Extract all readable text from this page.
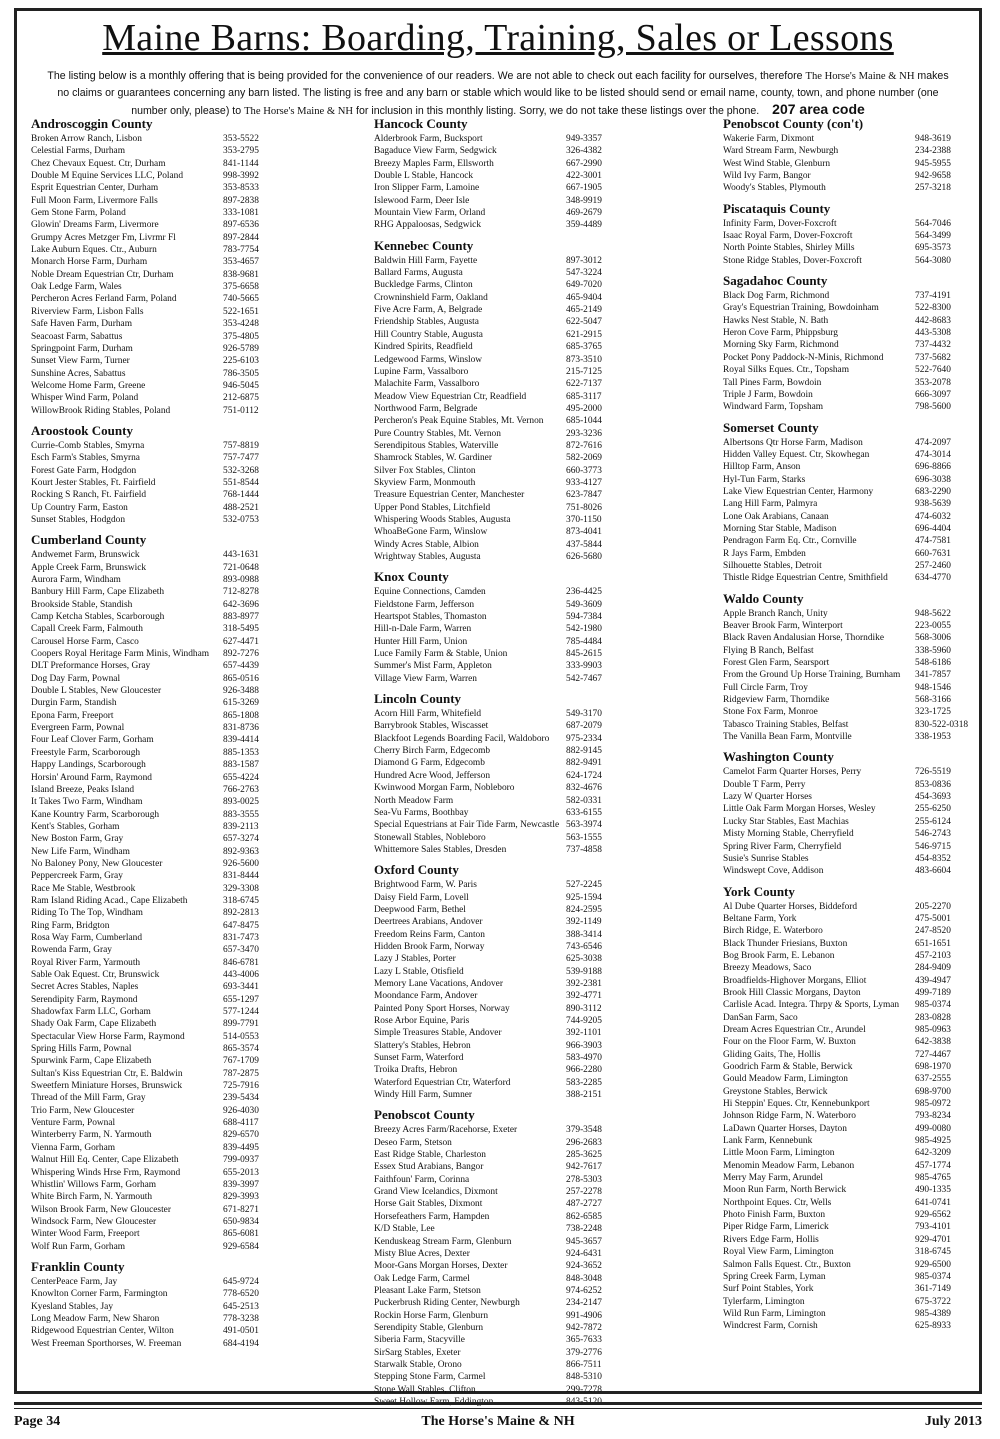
Maine Barns: Boarding, Training, Sales or Lessons
The listing below is a monthly offering that is being provided for the convenience of our readers. We are not able to check out each facility for ourselves, therefore The Horse's Maine & NH makes no claims or guarantees concerning any barn listed. The listing is free and any barn or stable which would like to be listed should send or email name, county, town, and phone number (one number only, please) to The Horse's Maine & NH for inclusion in this monthly listing. Sorry, we do not take these listings over the phone. 207 area code
Androscoggin County
Broken Arrow Ranch, Lisbon	353-5522
Celestial Farms, Durham	353-2795
Chez Chevaux Equest. Ctr, Durham	841-1144
Double M Equine Services LLC, Poland	998-3992
Esprit Equestrian Center, Durham	353-8533
Full Moon Farm, Livermore Falls	897-2838
Gem Stone Farm, Poland	333-1081
Glowin' Dreams Farm, Livermore	897-6536
Grumpy Acres Metzger Fm, Livrmr Fl	897-2844
Lake Auburn Eques. Ctr., Auburn	783-7754
Monarch Horse Farm, Durham	353-4657
Noble Dream Equestrian Ctr, Durham	838-9681
Oak Ledge Farm, Wales	375-6658
Percheron Acres Ferland Farm, Poland	740-5665
Riverview Farm, Lisbon Falls	522-1651
Safe Haven Farm, Durham	353-4248
Seacoast Farm, Sabattus	375-4805
Springpoint Farm, Durham	926-5789
Sunset View Farm, Turner	225-6103
Sunshine Acres, Sabattus	786-3505
Welcome Home Farm, Greene	946-5045
Whisper Wind Farm, Poland	212-6875
WillowBrook Riding Stables, Poland	751-0112
Aroostook County
Currie-Comb Stables, Smyrna	757-8819
Esch Farm's Stables, Smyrna	757-7477
Forest Gate Farm, Hodgdon	532-3268
Kourt Jester Stables, Ft. Fairfield	551-8544
Rocking S Ranch, Ft. Fairfield	768-1444
Up Country Farm, Easton	488-2521
Sunset Stables, Hodgdon	532-0753
Cumberland County
Andwemet Farm, Brunswick	443-1631
Apple Creek Farm, Brunswick	721-0648
Aurora Farm, Windham	893-0988
Banbury Hill Farm, Cape Elizabeth	712-8278
Brookside Stable, Standish	642-3696
Camp Ketcha Stables, Scarborough	883-8977
Capall Creek Farm, Falmouth	318-5495
Carousel Horse Farm, Casco	627-4471
Coopers Royal Heritage Farm Minis, Windham	892-7276
DLT Preformance Horses, Gray	657-4439
Dog Day Farm, Pownal	865-0516
Double L Stables, New Gloucester	926-3488
Durgin Farm, Standish	615-3269
Epona Farm, Freeport	865-1808
Evergreen Farm, Pownal	831-8736
Four Leaf Clover Farm, Gorham	839-4414
Freestyle Farm, Scarborough	885-1353
Happy Landings, Scarborough	883-1587
Horsin' Around Farm, Raymond	655-4224
Island Breeze, Peaks Island	766-2763
It Takes Two Farm, Windham	893-0025
Kane Kountry Farm, Scarborough	883-3555
Kent's Stables, Gorham	839-2113
New Boston Farm, Gray	657-3274
New Life Farm, Windham	892-9363
No Baloney Pony, New Gloucester	926-5600
Peppercreek Farm, Gray	831-8444
Race Me Stable, Westbrook	329-3308
Ram Island Riding Acad., Cape Elizabeth	318-6745
Riding To The Top, Windham	892-2813
Ring Farm, Bridgton	647-8475
Rosa Way Farm, Cumberland	831-7473
Rowenda Farm, Gray	657-3470
Royal River Farm, Yarmouth	846-6781
Sable Oak Equest. Ctr, Brunswick	443-4006
Secret Acres Stables, Naples	693-3441
Serendipity Farm, Raymond	655-1297
Shadowfax Farm LLC, Gorham	577-1244
Shady Oak Farm, Cape Elizabeth	899-7791
Spectacular View Horse Farm, Raymond	514-0553
Spring Hills Farm, Pownal	865-3574
Spurwink Farm, Cape Elizabeth	767-1709
Sultan's Kiss Equestrian Ctr, E. Baldwin	787-2875
Sweetfern Miniature Horses, Brunswick	725-7916
Thread of the Mill Farm, Gray	239-5434
Trio Farm, New Gloucester	926-4030
Venture Farm, Pownal	688-4117
Winterberry Farm, N. Yarmouth	829-6570
Vienna Farm, Gorham	839-4495
Walnut Hill Eq. Center, Cape Elizabeth	799-0937
Whispering Winds Hrse Frm, Raymond	655-2013
Whistlin' Willows Farm, Gorham	839-3997
White Birch Farm, N. Yarmouth	829-3993
Wilson Brook Farm, New Gloucester	671-8271
Windsock Farm, New Gloucester	650-9834
Winter Wood Farm, Freeport	865-6081
Wolf Run Farm, Gorham	929-6584
Franklin County
CenterPeace Farm, Jay	645-9724
Knowlton Corner Farm, Farmington	778-6520
Kyesland Stables, Jay	645-2513
Long Meadow Farm, New Sharon	778-3238
Ridgewood Equestrian Center, Wilton	491-0501
West Freeman Sporthorses, W. Freeman	684-4194
Hancock County
Alderbrook Farm, Bucksport	949-3357
Bagaduce View Farm, Sedgwick	326-4382
Breezy Maples Farm, Ellsworth	667-2990
Double L Stable, Hancock	422-3001
Iron Slipper Farm, Lamoine	667-1905
Islewood Farm, Deer Isle	348-9919
Mountain View Farm, Orland	469-2679
RHG Appaloosas, Sedgwick	359-4489
Kennebec County
Baldwin Hill Farm, Fayette	897-3012
Ballard Farms, Augusta	547-3224
Buckledge Farms, Clinton	649-7020
Crowninshield Farm, Oakland	465-9404
Five Acre Farm, A, Belgrade	465-2149
Friendship Stables, Augusta	622-5047
Hill Country Stable, Augusta	621-2915
Kindred Spirits, Readfield	685-3765
Ledgewood Farms, Winslow	873-3510
Lupine Farm, Vassalboro	215-7125
Malachite Farm, Vassalboro	622-7137
Meadow View Equestrian Ctr, Readfield	685-3117
Northwood Farm, Belgrade	495-2000
Percheron's Peak Equine Stables, Mt. Vernon	685-1044
Pure Country Stables, Mt. Vernon	293-3236
Serendipitous Stables, Waterville	872-7616
Shamrock Stables, W. Gardiner	582-2069
Silver Fox Stables, Clinton	660-3773
Skyview Farm, Monmouth	933-4127
Treasure Equestrian Center, Manchester	623-7847
Upper Pond Stables, Litchfield	751-8026
Whispering Woods Stables, Augusta	370-1150
WhoaBeGone Farm, Winslow	873-4041
Windy Acres Stable, Albion	437-5844
Wrightway Stables, Augusta	626-5680
Knox County
Equine Connections, Camden	236-4425
Fieldstone Farm, Jefferson	549-3609
Heartspot Stables, Thomaston	594-7384
Hill-n-Dale Farm, Warren	542-1980
Hunter Hill Farm, Union	785-4484
Luce Family Farm & Stable, Union	845-2615
Summer's Mist Farm, Appleton	333-9903
Village View Farm, Warren	542-7467
Lincoln County
Acorn Hill Farm, Whitefield	549-3170
Barrybrook Stables, Wiscasset	687-2079
Blackfoot Legends Boarding Facil, Waldoboro	975-2334
Cherry Birch Farm, Edgecomb	882-9145
Diamond G Farm, Edgecomb	882-9491
Hundred Acre Wood, Jefferson	624-1724
Kwinwood Morgan Farm, Nobleboro	832-4676
North Meadow Farm	582-0331
Sea-Vu Farms, Boothbay	633-6155
Special Equestrians at Fair Tide Farm, Newcastle 563-3974
Stonewall Stables, Nobleboro	563-1555
Whittemore Sales Stables, Dresden	737-4858
Oxford County
Brightwood Farm, W. Paris	527-2245
Daisy Field Farm, Lovell	925-1594
Deepwood Farm, Bethel	824-2595
Deertrees Arabians, Andover	392-1149
Freedom Reins Farm, Canton	388-3414
Hidden Brook Farm, Norway	743-6546
Lazy J Stables, Porter	625-3038
Lazy L Stable, Otisfield	539-9188
Memory Lane Vacations, Andover	392-2381
Moondance Farm, Andover	392-4771
Painted Pony Sport Horses, Norway	890-3112
Rose Arbor Equine, Paris	744-9205
Simple Treasures Stable, Andover	392-1101
Slattery's Stables, Hebron	966-3903
Sunset Farm, Waterford	583-4970
Troika Drafts, Hebron	966-2280
Waterford Equestrian Ctr, Waterford	583-2285
Windy Hill Farm, Sumner	388-2151
Penobscot County
Breezy Acres Farm/Racehorse, Exeter	379-3548
Deseo Farm, Stetson	296-2683
East Ridge Stable, Charleston	285-3625
Essex Stud Arabians, Bangor	942-7617
Faithfoun' Farm, Corinna	278-5303
Grand View Icelandics, Dixmont	257-2278
Horse Gait Stables, Dixmont	487-2727
Horsefeathers Farm, Hampden	862-6585
K/D Stable, Lee	738-2248
Kenduskeag Stream Farm, Glenburn	945-3657
Misty Blue Acres, Dexter	924-6431
Moor-Gans Morgan Horses, Dexter	924-3652
Oak Ledge Farm, Carmel	848-3048
Pleasant Lake Farm, Stetson	974-6252
Puckerbrush Riding Center, Newburgh	234-2147
Rockin Horse Farm, Glenburn	991-4906
Serendipity Stable, Glenburn	942-7872
Siberia Farm, Stacyville	365-7633
SirSarg Stables, Exeter	379-2776
Starwalk Stable, Orono	866-7511
Stepping Stone Farm, Carmel	848-5310
Stone Wall Stables, Clifton	299-7278
Penobscot County (con't)
Wakerie Farm, Dixmont	948-3619
Ward Stream Farm, Newburgh	234-2388
West Wind Stable, Glenburn	945-5955
Wild Ivy Farm, Bangor	942-9658
Woody's Stables, Plymouth	257-3218
Piscataquis County
Infinity Farm, Dover-Foxcroft	564-7046
Isaac Royal Farm, Dover-Foxcroft	564-3499
North Pointe Stables, Shirley Mills	695-3573
Stone Ridge Stables, Dover-Foxcroft	564-3080
Sagadahoc County
Black Dog Farm, Richmond	737-4191
Gray's Equestrian Training, Bowdoinham	522-8300
Hawks Nest Stable, N. Bath	442-8683
Heron Cove Farm, Phippsburg	443-5308
Morning Sky Farm, Richmond	737-4432
Pocket Pony Paddock-N-Minis, Richmond	737-5682
Royal Silks Eques. Ctr., Topsham	522-7640
Tall Pines Farm, Bowdoin	353-2078
Triple J Farm, Bowdoin	666-3097
Windward Farm, Topsham	798-5600
Somerset County
Albertsons Qtr Horse Farm, Madison	474-2097
Hidden Valley Equest. Ctr, Skowhegan	474-3014
Hilltop Farm, Anson	696-8866
Hyl-Tun Farm, Starks	696-3038
Lake View Equestrian Center, Harmony	683-2290
Lang Hill Farm, Palmyra	938-5639
Lone Oak Arabians, Canaan	474-6032
Morning Star Stable, Madison	696-4404
Pendragon Farm Eq. Ctr., Cornville	474-7581
R Jays Farm, Embden	660-7631
Silhouette Stables, Detroit	257-2460
Thistle Ridge Equestrian Centre, Smithfield	634-4770
Waldo County
Apple Branch Ranch, Unity	948-5622
Beaver Brook Farm, Winterport	223-0055
Black Raven Andalusian Horse, Thorndike	568-3006
Flying B Ranch, Belfast	338-5960
Forest Glen Farm, Searsport	548-6186
From the Ground Up Horse Training, Burnham	341-7857
Full Circle Farm, Troy	948-1546
Ridgeview Farm, Thorndike	568-3166
Stone Fox Farm, Monroe	323-1725
Tabasco Training Stables, Belfast	830-522-0318
The Vanilla Bean Farm, Montville	338-1953
Washington County
Camelot Farm Quarter Horses, Perry	726-5519
Double T Farm, Perry	853-0836
Lazy W Quarter Horses	454-3693
Little Oak Farm Morgan Horses, Wesley	255-6250
Lucky Star Stables, East Machias	255-6124
Misty Morning Stable, Cherryfield	546-2743
Spring River Farm, Cherryfield	546-9715
Susie's Sunrise Stables	454-8352
Windswept Cove, Addison	483-6604
York County
Al Dube Quarter Horses, Biddeford	205-2270
Beltane Farm, York	475-5001
Birch Ridge, E. Waterboro	247-8520
Black Thunder Friesians, Buxton	651-1651
Bog Brook Farm, E. Lebanon	457-2103
Breezy Meadows, Saco	284-9409
Broadfields-Highover Morgans, Elliot	439-4947
Brook Hill Classic Morgans, Dayton	499-7189
Carlisle Acad. Integra. Thrpy & Sports, Lyman	985-0374
DanSan Farm, Saco	283-0828
Dream Acres Equestrian Ctr., Arundel	985-0963
Four on the Floor Farm, W. Buxton	642-3838
Gliding Gaits, The, Hollis	727-4467
Goodrich Farm & Stable, Berwick	698-1970
Gould Meadow Farm, Limington	637-2555
Greystone Stables, Berwick	698-9700
Hi Steppin' Eques. Ctr, Kennebunkport	985-0972
Johnson Ridge Farm, N. Waterboro	793-8234
LaDawn Quarter Horses, Dayton	499-0080
Lank Farm, Kennebunk	985-4925
Little Moon Farm, Limington	642-3209
Menomin Meadow Farm, Lebanon	457-1774
Merry May Farm, Arundel	985-4765
Moon Run Farm, North Berwick	490-1335
Northpoint Eques. Ctr, Wells	641-0741
Photo Finish Farm, Buxton	929-6562
Piper Ridge Farm, Limerick	793-4101
Rivers Edge Farm, Hollis	929-4701
Royal View Farm, Limington	318-6745
Salmon Falls Equest. Ctr., Buxton	929-6500
Spring Creek Farm, Lyman	985-0374
Surf Point Stables, York	361-7149
Tylerfarm, Limington	675-3722
Wild Run Farm, Limington	985-4389
Windcrest Farm, Cornish	625-8933
Page 34	The Horse's Maine & NH	July 2013
